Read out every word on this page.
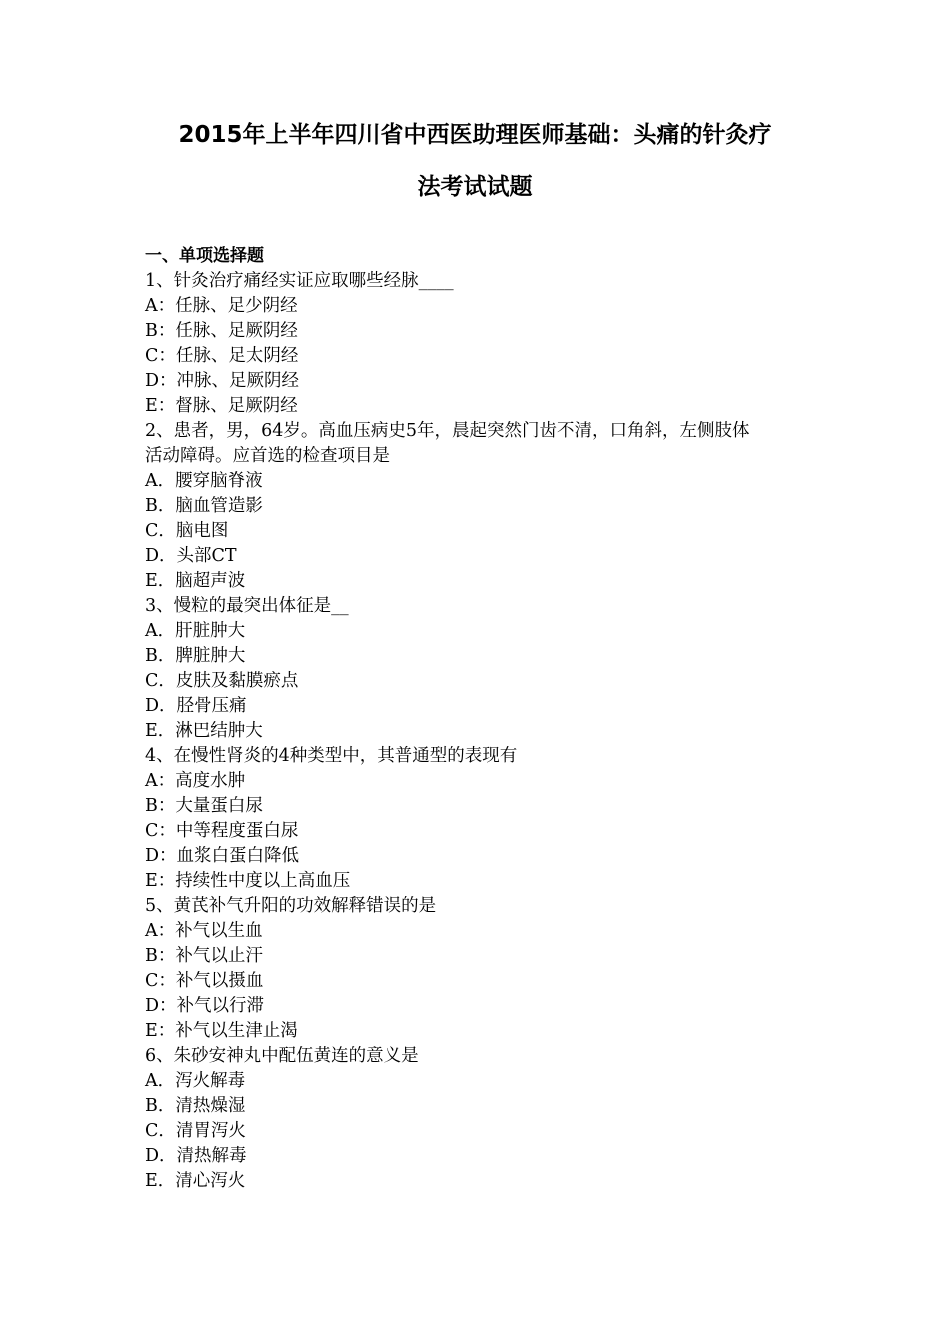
2015年上半年四川省中西医助理医师基础：头痛的针灸疗
法考试试题
一、单项选择题
1、针灸治疗痛经实证应取哪些经脉____
A：任脉、足少阴经
B：任脉、足厥阴经
C：任脉、足太阴经
D：冲脉、足厥阴经
E：督脉、足厥阴经
2、患者，男，64岁。高血压病史5年，晨起突然门齿不清，口角斜，左侧肢体
活动障碍。应首选的检查项目是
A．腰穿脑脊液
B．脑血管造影
C．脑电图
D．头部CT
E．脑超声波
3、慢粒的最突出体征是__
A．肝脏肿大
B．脾脏肿大
C．皮肤及黏膜瘀点
D．胫骨压痛
E．淋巴结肿大
4、在慢性肾炎的4种类型中，其普通型的表现有
A：高度水肿
B：大量蛋白尿
C：中等程度蛋白尿
D：血浆白蛋白降低
E：持续性中度以上高血压
5、黄芪补气升阳的功效解释错误的是
A：补气以生血
B：补气以止汗
C：补气以摄血
D：补气以行滞
E：补气以生津止渴
6、朱砂安神丸中配伍黄连的意义是
A．泻火解毒
B．清热燥湿
C．清胃泻火
D．清热解毒
E．清心泻火
